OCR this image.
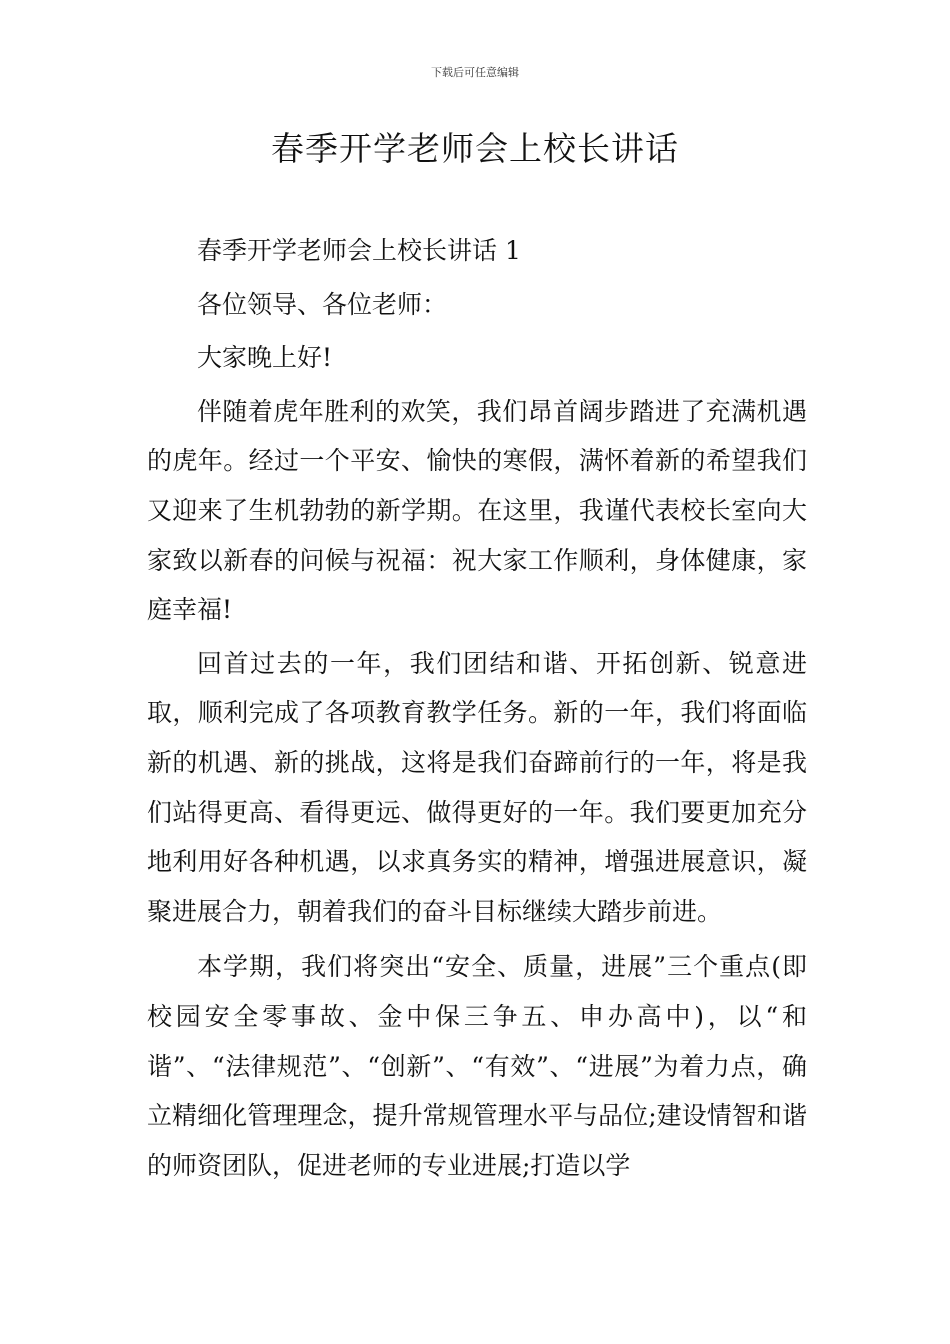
下载后可任意编辑
春季开学老师会上校长讲话

春季开学老师会上校长讲话 1

各位领导、各位老师：

大家晚上好!

伴随着虎年胜利的欢笑，我们昂首阔步踏进了充满机遇的虎年。经过一个平安、愉快的寒假，满怀着新的希望我们又迎来了生机勃勃的新学期。在这里，我谨代表校长室向大家致以新春的问候与祝福：祝大家工作顺利，身体健康，家庭幸福!

回首过去的一年，我们团结和谐、开拓创新、锐意进取，顺利完成了各项教育教学任务。新的一年，我们将面临新的机遇、新的挑战，这将是我们奋蹄前行的一年，将是我们站得更高、看得更远、做得更好的一年。我们要更加充分地利用好各种机遇，以求真务实的精神，增强进展意识，凝聚进展合力，朝着我们的奋斗目标继续大踏步前进。

本学期，我们将突出“安全、质量，进展”三个重点(即校园安全零事故、金中保三争五、申办高中)，以“和谐”、“法律规范”、“创新”、“有效”、“进展”为着力点，确立精细化管理理念，提升常规管理水平与品位;建设情智和谐的师资团队，促进老师的专业进展;打造以学
